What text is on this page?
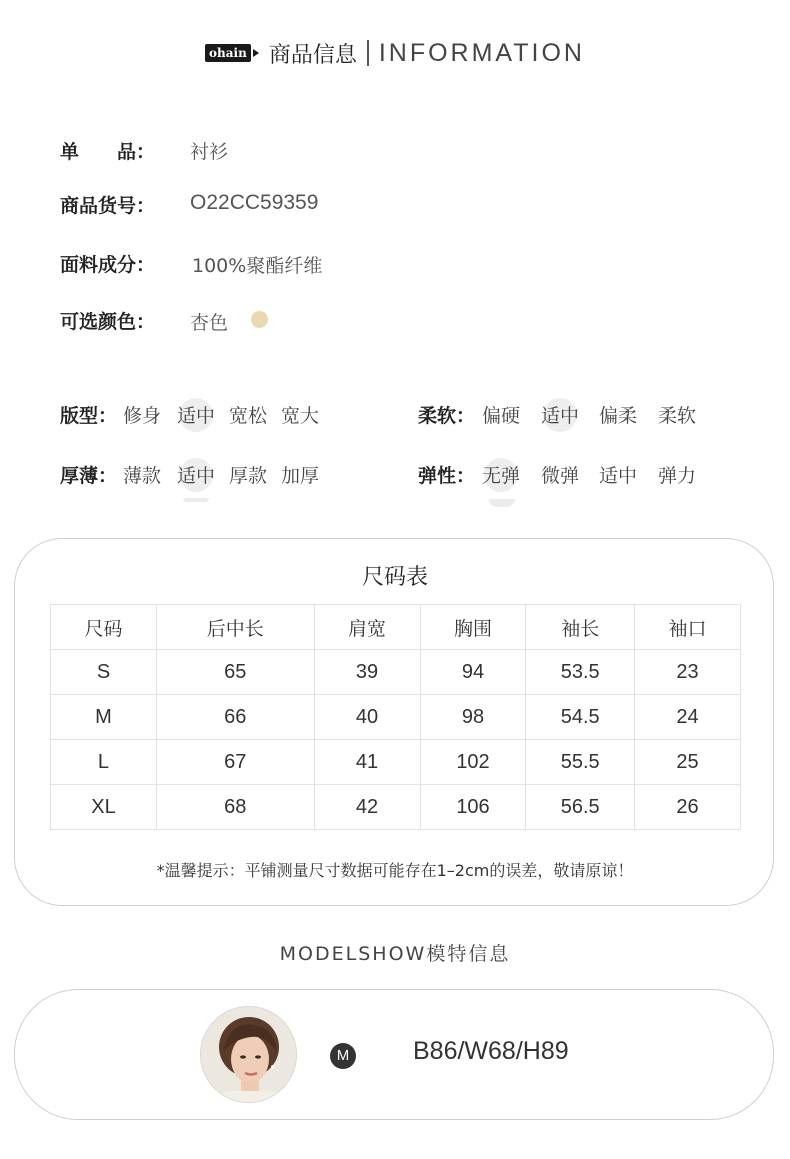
ohain 商品信息 INFORMATION
单　　品： 衬衫
商品货号： O22CC59359
面料成分： 100%聚酯纤维
可选颜色： 杏色
版型： 修身 适中 宽松 宽大	柔软： 偏硬 适中 偏柔 柔软
厚薄： 薄款 适中 厚款 加厚	弹性： 无弹 微弹 适中 弹力
尺码表
尺码	后中长	肩宽	胸围	袖长	袖口
S	65	39	94	53.5	23
M	66	40	98	54.5	24
L	67	41	102	55.5	25
XL	68	42	106	56.5	26
*温馨提示：平铺测量尺寸数据可能存在1–2cm的误差，敬请原谅！
MODELSHOW模特信息
M	B86/W68/H89
